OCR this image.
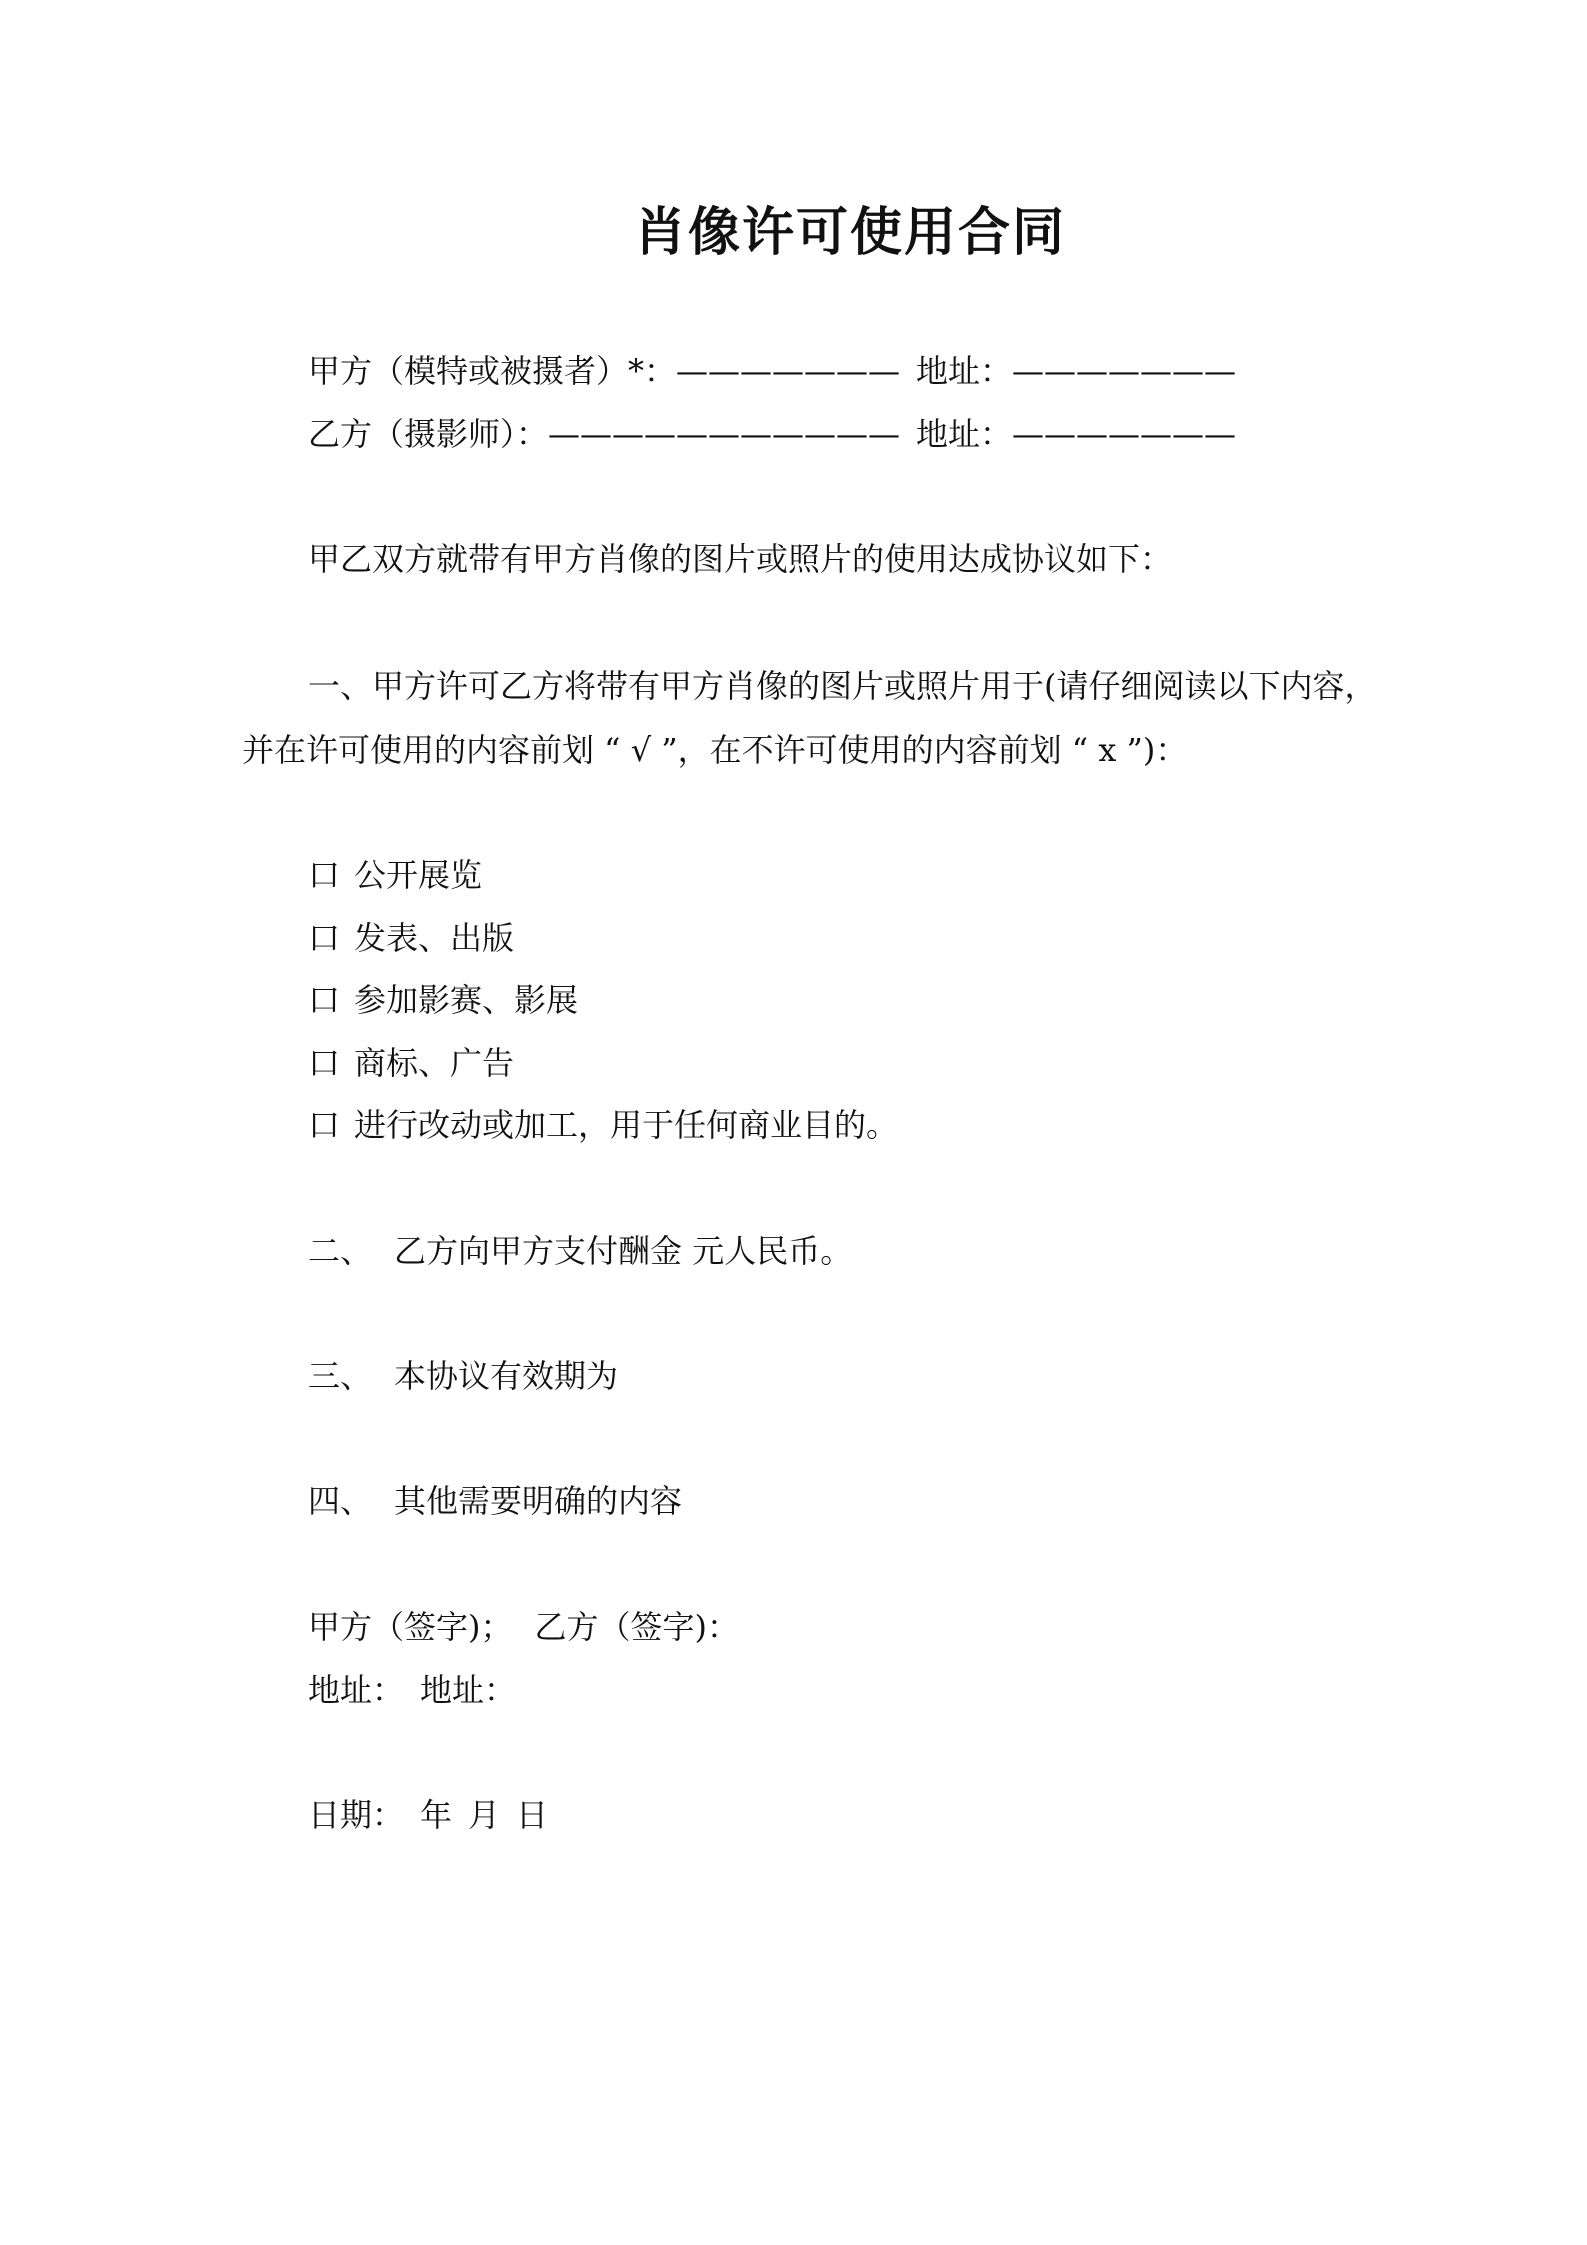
肖像许可使用合同
甲方（模特或被摄者）*：——————— 地址：———————
乙方（摄影师）：——————————— 地址：———————
甲乙双方就带有甲方肖像的图片或照片的使用达成协议如下：
一、甲方许可乙方将带有甲方肖像的图片或照片用于(请仔细阅读以下内容，
并在许可使用的内容前划 “ √ ”，在不许可使用的内容前划 “ x ”)：
口 公开展览
口 发表、出版
口 参加影赛、影展
口 商标、广告
口 进行改动或加工，用于任何商业目的。
二、 乙方向甲方支付酬金 元人民币。
三、 本协议有效期为
四、 其他需要明确的内容
甲方（签字)； 乙方（签字)：
地址： 地址：
日期： 年 月 日
